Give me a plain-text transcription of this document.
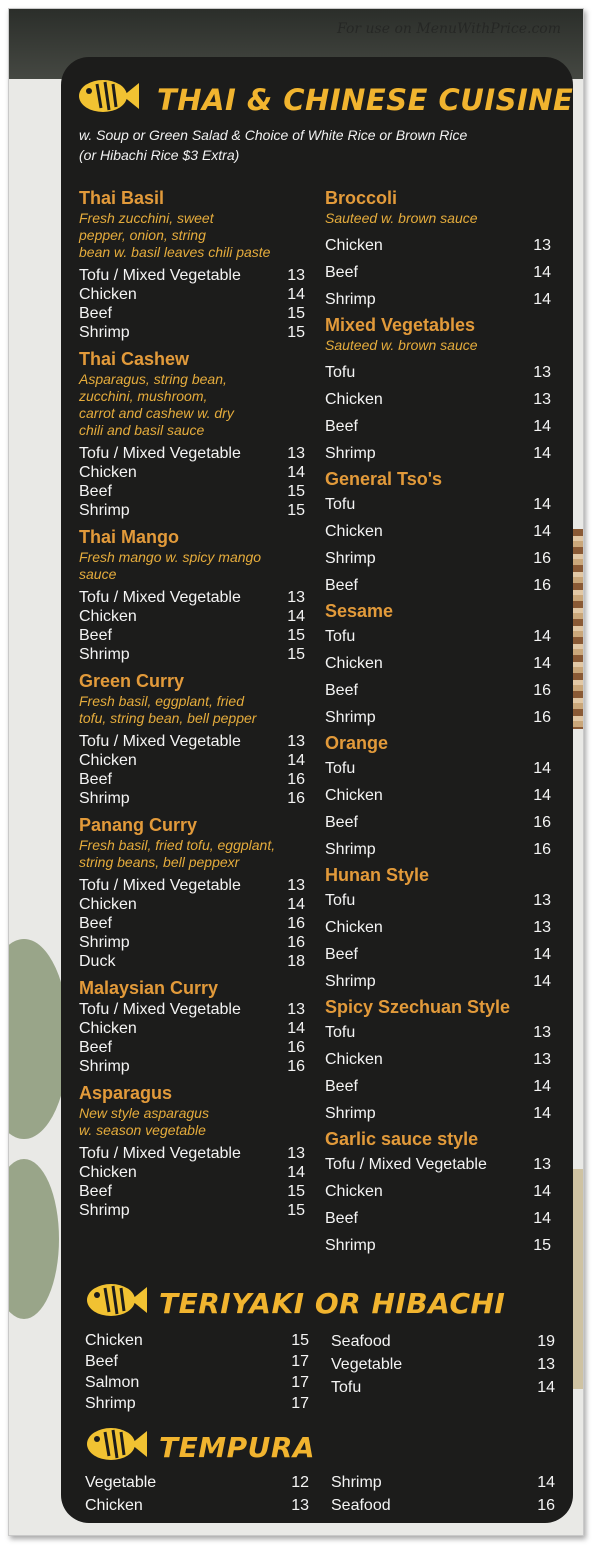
For use on MenuWithPrice.com
THAI & CHINESE CUISINE
w. Soup or Green Salad & Choice of White Rice or Brown Rice
(or Hibachi Rice $3 Extra)
Thai Basil
Fresh zucchini, sweet
pepper, onion, string
bean w. basil leaves chili paste
Tofu / Mixed Vegetable	13
Chicken	14
Beef	15
Shrimp	15
Thai Cashew
Asparagus, string bean,
zucchini, mushroom,
carrot and cashew w. dry
chili and basil sauce
Tofu / Mixed Vegetable	13
Chicken	14
Beef	15
Shrimp	15
Thai Mango
Fresh mango w. spicy mango
sauce
Tofu / Mixed Vegetable	13
Chicken	14
Beef	15
Shrimp	15
Green Curry
Fresh basil, eggplant, fried
tofu, string bean, bell pepper
Tofu / Mixed Vegetable	13
Chicken	14
Beef	16
Shrimp	16
Panang Curry
Fresh basil, fried tofu, eggplant,
string beans, bell peppexr
Tofu / Mixed Vegetable	13
Chicken	14
Beef	16
Shrimp	16
Duck	18
Malaysian Curry
Tofu / Mixed Vegetable	13
Chicken	14
Beef	16
Shrimp	16
Asparagus
New style asparagus
w. season vegetable
Tofu / Mixed Vegetable	13
Chicken	14
Beef	15
Shrimp	15
Broccoli
Sauteed w. brown sauce
Chicken	13
Beef	14
Shrimp	14
Mixed Vegetables
Sauteed w. brown sauce
Tofu	13
Chicken	13
Beef	14
Shrimp	14
General Tso's
Tofu	14
Chicken	14
Shrimp	16
Beef	16
Sesame
Tofu	14
Chicken	14
Beef	16
Shrimp	16
Orange
Tofu	14
Chicken	14
Beef	16
Shrimp	16
Hunan Style
Tofu	13
Chicken	13
Beef	14
Shrimp	14
Spicy Szechuan Style
Tofu	13
Chicken	13
Beef	14
Shrimp	14
Garlic sauce style
Tofu / Mixed Vegetable	13
Chicken	14
Beef	14
Shrimp	15
TERIYAKI OR HIBACHI
Chicken	15
Beef	17
Salmon	17
Shrimp	17
Seafood	19
Vegetable	13
Tofu	14
TEMPURA
Vegetable	12
Chicken	13
Shrimp	14
Seafood	16
